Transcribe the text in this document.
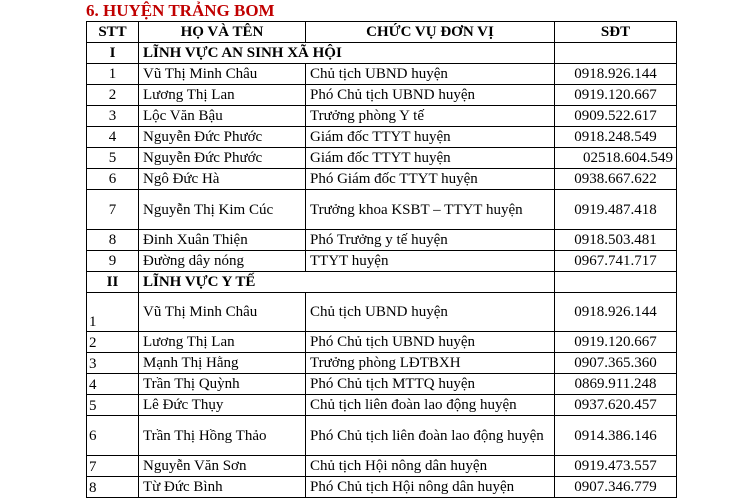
6. HUYỆN TRẢNG BOM
STT	HỌ VÀ TÊN	CHỨC VỤ ĐƠN VỊ	SĐT
I	LĨNH VỰC AN SINH XÃ HỘI		
1	Vũ Thị Minh Châu	Chủ tịch UBND huyện	0918.926.144
2	Lương Thị Lan	Phó Chủ tịch UBND huyện	0919.120.667
3	Lộc Văn Bậu	Trưởng phòng Y tế	0909.522.617
4	Nguyễn Đức Phước	Giám đốc TTYT huyện	0918.248.549
5	Nguyễn Đức Phước	Giám đốc TTYT huyện	02518.604.549
6	Ngô Đức Hà	Phó Giám đốc TTYT huyện	0938.667.622
7	Nguyễn Thị Kim Cúc	Trưởng khoa KSBT – TTYT huyện	0919.487.418
8	Đinh Xuân Thiện	Phó Trưởng y tế huyện	0918.503.481
9	Đường dây nóng	TTYT huyện	0967.741.717
II	LĨNH VỰC Y TẾ		
1	Vũ Thị Minh Châu	Chủ tịch UBND huyện	0918.926.144
2	Lương Thị Lan	Phó Chủ tịch UBND huyện	0919.120.667
3	Mạnh Thị Hằng	Trưởng phòng LĐTBXH	0907.365.360
4	Trần Thị Quỳnh	Phó Chủ tịch MTTQ huyện	0869.911.248
5	Lê Đức Thụy	Chủ tịch liên đoàn lao động huyện	0937.620.457
6	Trần Thị Hồng Thảo	Phó Chủ tịch liên đoàn lao động huyện	0914.386.146
7	Nguyễn Văn Sơn	Chủ tịch Hội nông dân huyện	0919.473.557
8	Từ Đức Bình	Phó Chủ tịch Hội nông dân huyện	0907.346.779
